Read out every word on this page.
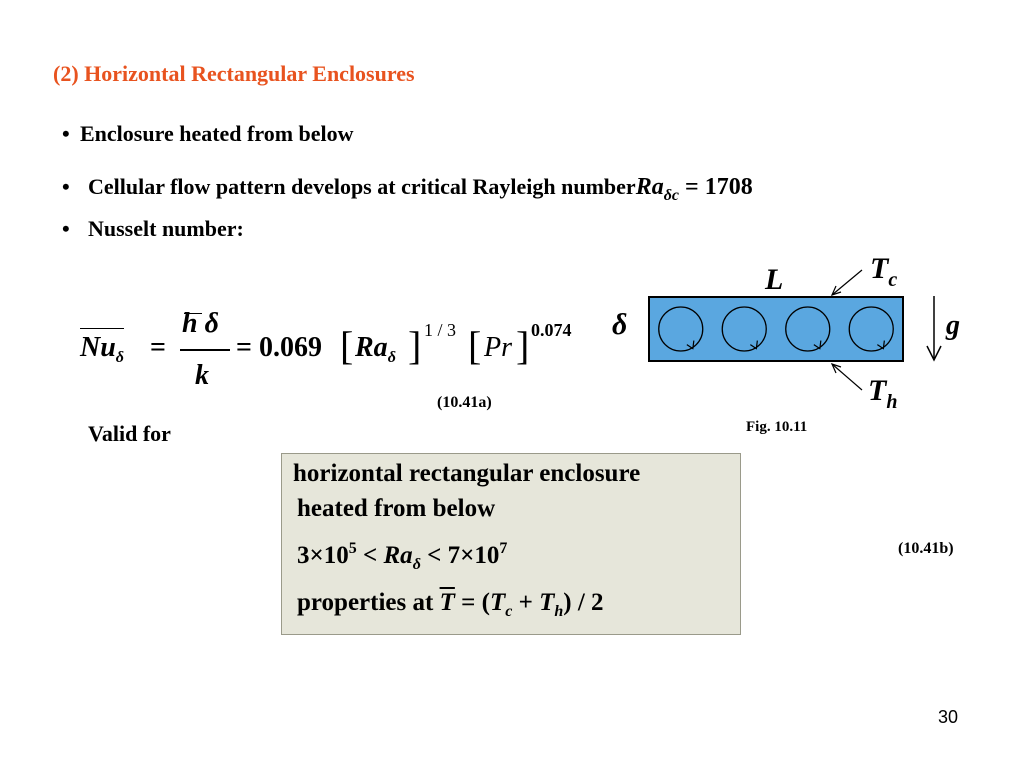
(2) Horizontal Rectangular Enclosures
• Enclosure heated from below
• Cellular flow pattern develops at critical Rayleigh numberRa$_{\delta c}$ = 1708
• Nusselt number:
$Nu_\delta$ =
h δ
k
= 0.069 [ $Ra_\delta$ ] 1 / 3 [ Pr ] 0.074
(10.41a)
L	$T_c$
δ	g
$T_h$
Fig. 10.11
Valid for
horizontal rectangular enclosure
heated from below
$3\times 10^5 < Ra_\delta < 7\times 10^7$
properties at $\overline{T} = (T_c + T_h) / 2$
(10.41b)
30
